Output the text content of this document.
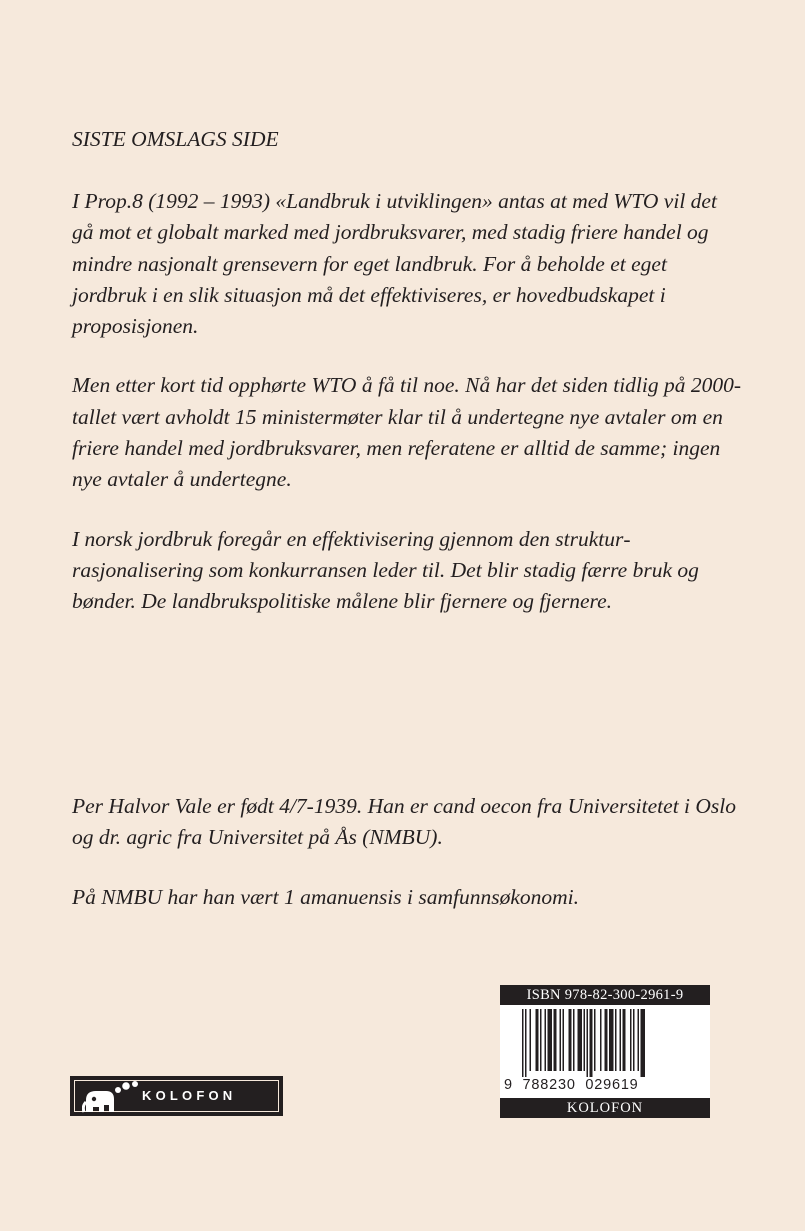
SISTE OMSLAGS SIDE

I Prop.8 (1992 – 1993) «Landbruk i utviklingen» antas at med WTO vil det gå mot et globalt marked med jordbruksvarer, med stadig friere handel og mindre nasjonalt grensevern for eget landbruk. For å beholde et eget jordbruk i en slik situasjon må det effektiviseres, er hovedbudskapet i proposisjonen.

Men etter kort tid opphørte WTO å få til noe. Nå har det siden tidlig på 2000-tallet vært avholdt 15 ministermøter klar til å undertegne nye avtaler om en friere handel med jordbruksvarer, men referatene er alltid de samme; ingen nye avtaler å undertegne.

I norsk jordbruk foregår en effektivisering gjennom den strukturrasjonalisering som konkurransen leder til. Det blir stadig færre bruk og bønder. De landbrukspolitiske målene blir fjernere og fjernere.

Per Halvor Vale er født 4/7-1939. Han er cand oecon fra Universitetet i Oslo og dr. agric fra Universitet på Ås (NMBU).

På NMBU har han vært 1 amanuensis i samfunnsøkonomi.

KOLOFON
ISBN 978-82-300-2961-9
9  788230  029619
KOLOFON
